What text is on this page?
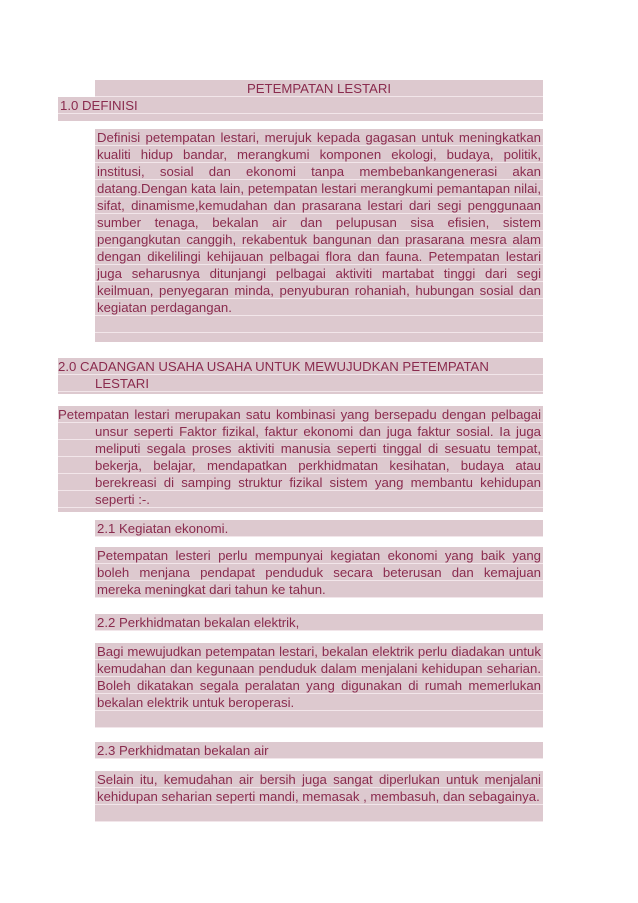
PETEMPATAN LESTARI
1.0 DEFINISI
Definisi petempatan lestari, merujuk kepada gagasan untuk meningkatkan kualiti hidup bandar, merangkumi komponen ekologi, budaya, politik, institusi, sosial dan ekonomi tanpa membebankangenerasi akan datang.Dengan kata lain, petempatan lestari merangkumi pemantapan nilai, sifat, dinamisme,kemudahan dan prasarana lestari dari segi penggunaan sumber tenaga, bekalan air dan pelupusan sisa efisien, sistem pengangkutan canggih, rekabentuk bangunan dan prasarana mesra alam dengan dikelilingi kehijauan pelbagai flora dan fauna. Petempatan lestari juga seharusnya ditunjangi pelbagai aktiviti martabat tinggi dari segi keilmuan, penyegaran minda, penyuburan rohaniah, hubungan sosial dan kegiatan perdagangan.
2.0 CADANGAN USAHA USAHA UNTUK MEWUJUDKAN PETEMPATAN LESTARI
Petempatan lestari merupakan satu kombinasi yang bersepadu dengan pelbagai unsur seperti Faktor fizikal, faktur ekonomi dan juga faktur sosial. Ia juga meliputi segala proses aktiviti manusia seperti tinggal di sesuatu tempat, bekerja, belajar, mendapatkan perkhidmatan kesihatan, budaya atau berekreasi di samping struktur fizikal sistem yang membantu kehidupan seperti :-.
2.1 Kegiatan ekonomi.
Petempatan lesteri perlu mempunyai kegiatan ekonomi yang baik yang boleh menjana pendapat penduduk secara beterusan dan kemajuan mereka meningkat dari tahun ke tahun.
2.2 Perkhidmatan bekalan elektrik,
Bagi mewujudkan petempatan lestari, bekalan elektrik perlu diadakan untuk kemudahan dan kegunaan penduduk dalam menjalani kehidupan seharian. Boleh dikatakan segala peralatan yang digunakan di rumah memerlukan bekalan elektrik untuk beroperasi.
2.3 Perkhidmatan bekalan air
Selain itu, kemudahan air bersih juga sangat diperlukan untuk menjalani kehidupan seharian seperti mandi, memasak , membasuh, dan sebagainya.
